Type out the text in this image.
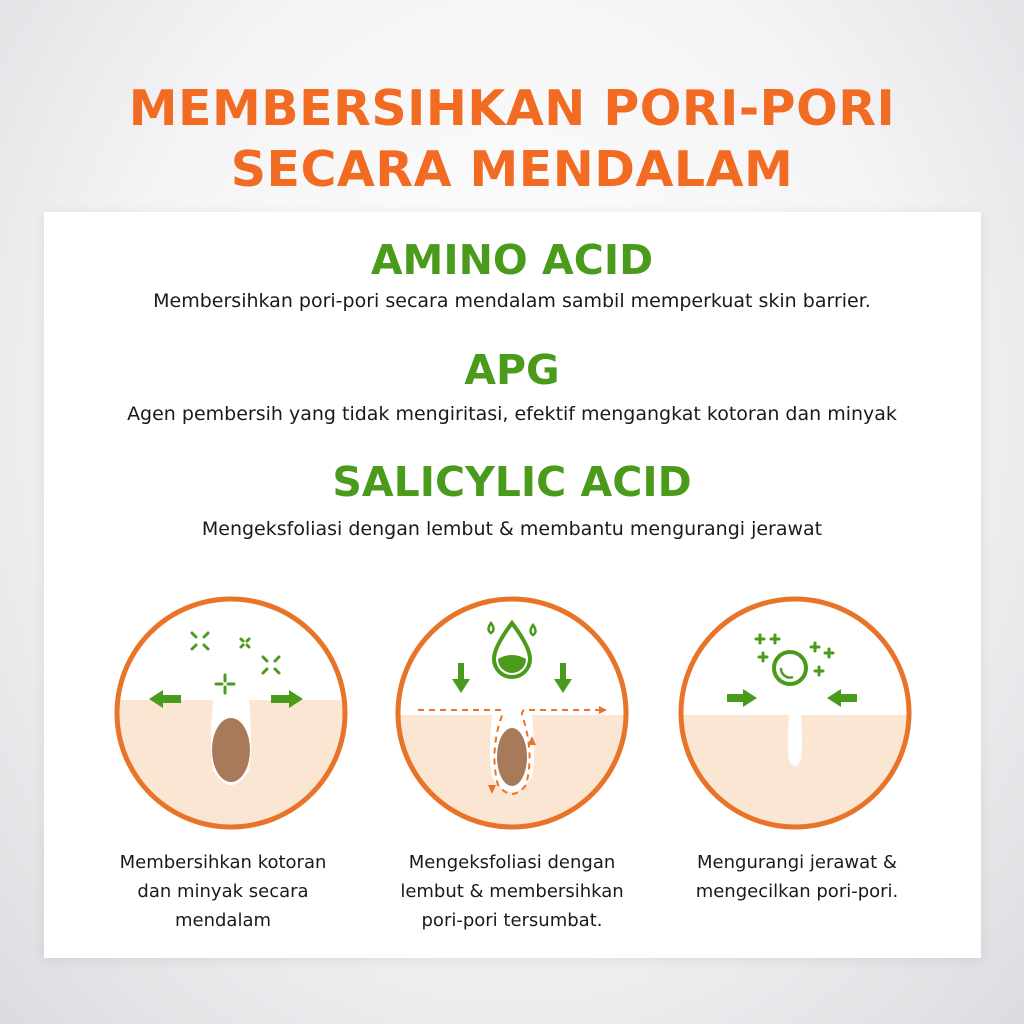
MEMBERSIHKAN PORI-PORI
SECARA MENDALAM
AMINO ACID
Membersihkan pori-pori secara mendalam sambil memperkuat skin barrier.
APG
Agen pembersih yang tidak mengiritasi, efektif mengangkat kotoran dan minyak
SALICYLIC ACID
Mengeksfoliasi dengan lembut & membantu mengurangi jerawat
Membersihkan kotoran
dan minyak secara
mendalam
Mengeksfoliasi dengan
lembut & membersihkan
pori-pori tersumbat.
Mengurangi jerawat &
mengecilkan pori-pori.
